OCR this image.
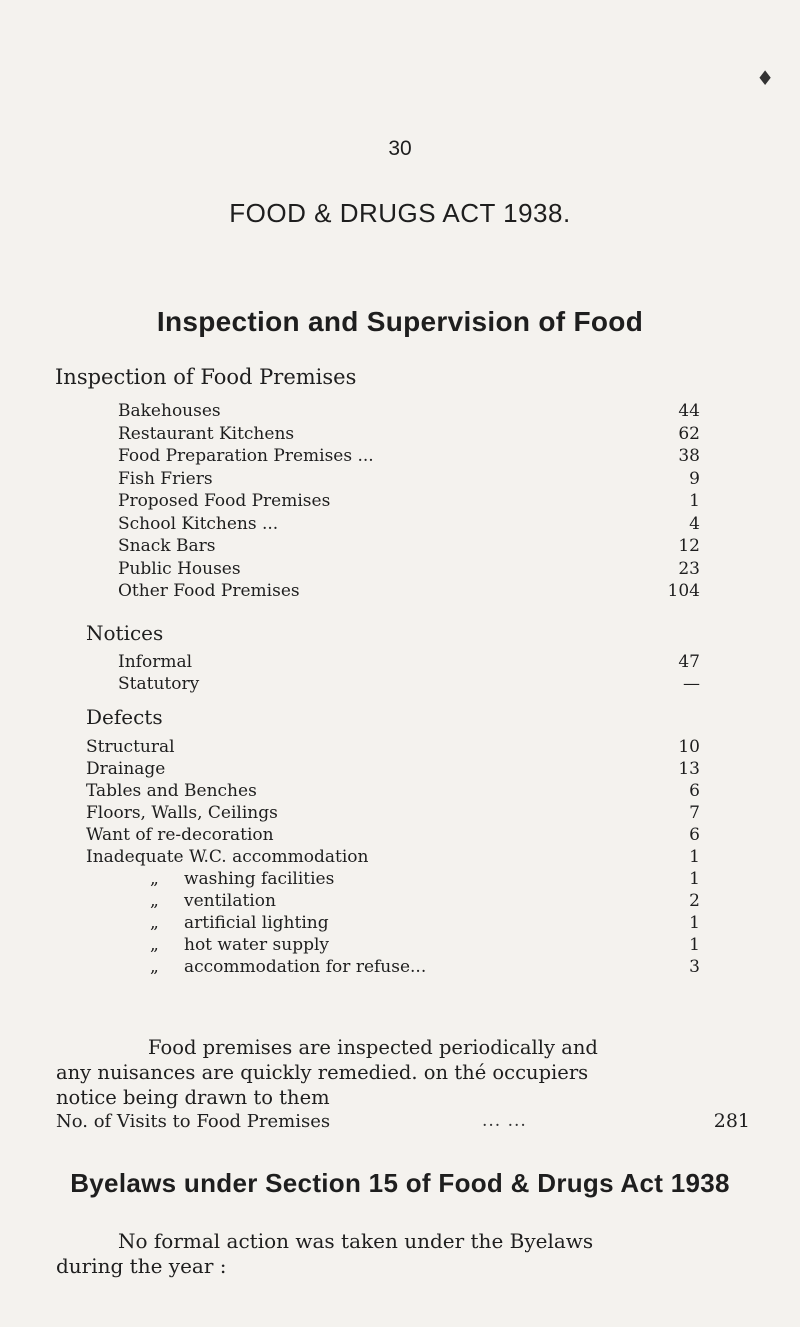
♦
30
FOOD & DRUGS ACT 1938.
Inspection and Supervision of Food
Inspection of Food Premises
Bakehouses	44
Restaurant Kitchens	62
Food Preparation Premises ...	38
Fish Friers	9
Proposed Food Premises	1
School Kitchens ...	4
Snack Bars	12
Public Houses	23
Other Food Premises	104
Notices
Informal	47
Statutory	—
Defects
Structural	10
Drainage	13
Tables and Benches	6
Floors, Walls, Ceilings	7
Want of re-decoration	6
Inadequate W.C. accommodation	1
„ washing facilities	1
„ ventilation	2
„ artificial lighting	1
„ hot water supply	1
„ accommodation for refuse...	3
Food premises are inspected periodically and
any nuisances are quickly remedied. on thé occupiers
notice being drawn to them
No. of Visits to Food Premises	... ...	281
Byelaws under Section 15 of Food & Drugs Act 1938
No formal action was taken under the Byelaws
during the year :
